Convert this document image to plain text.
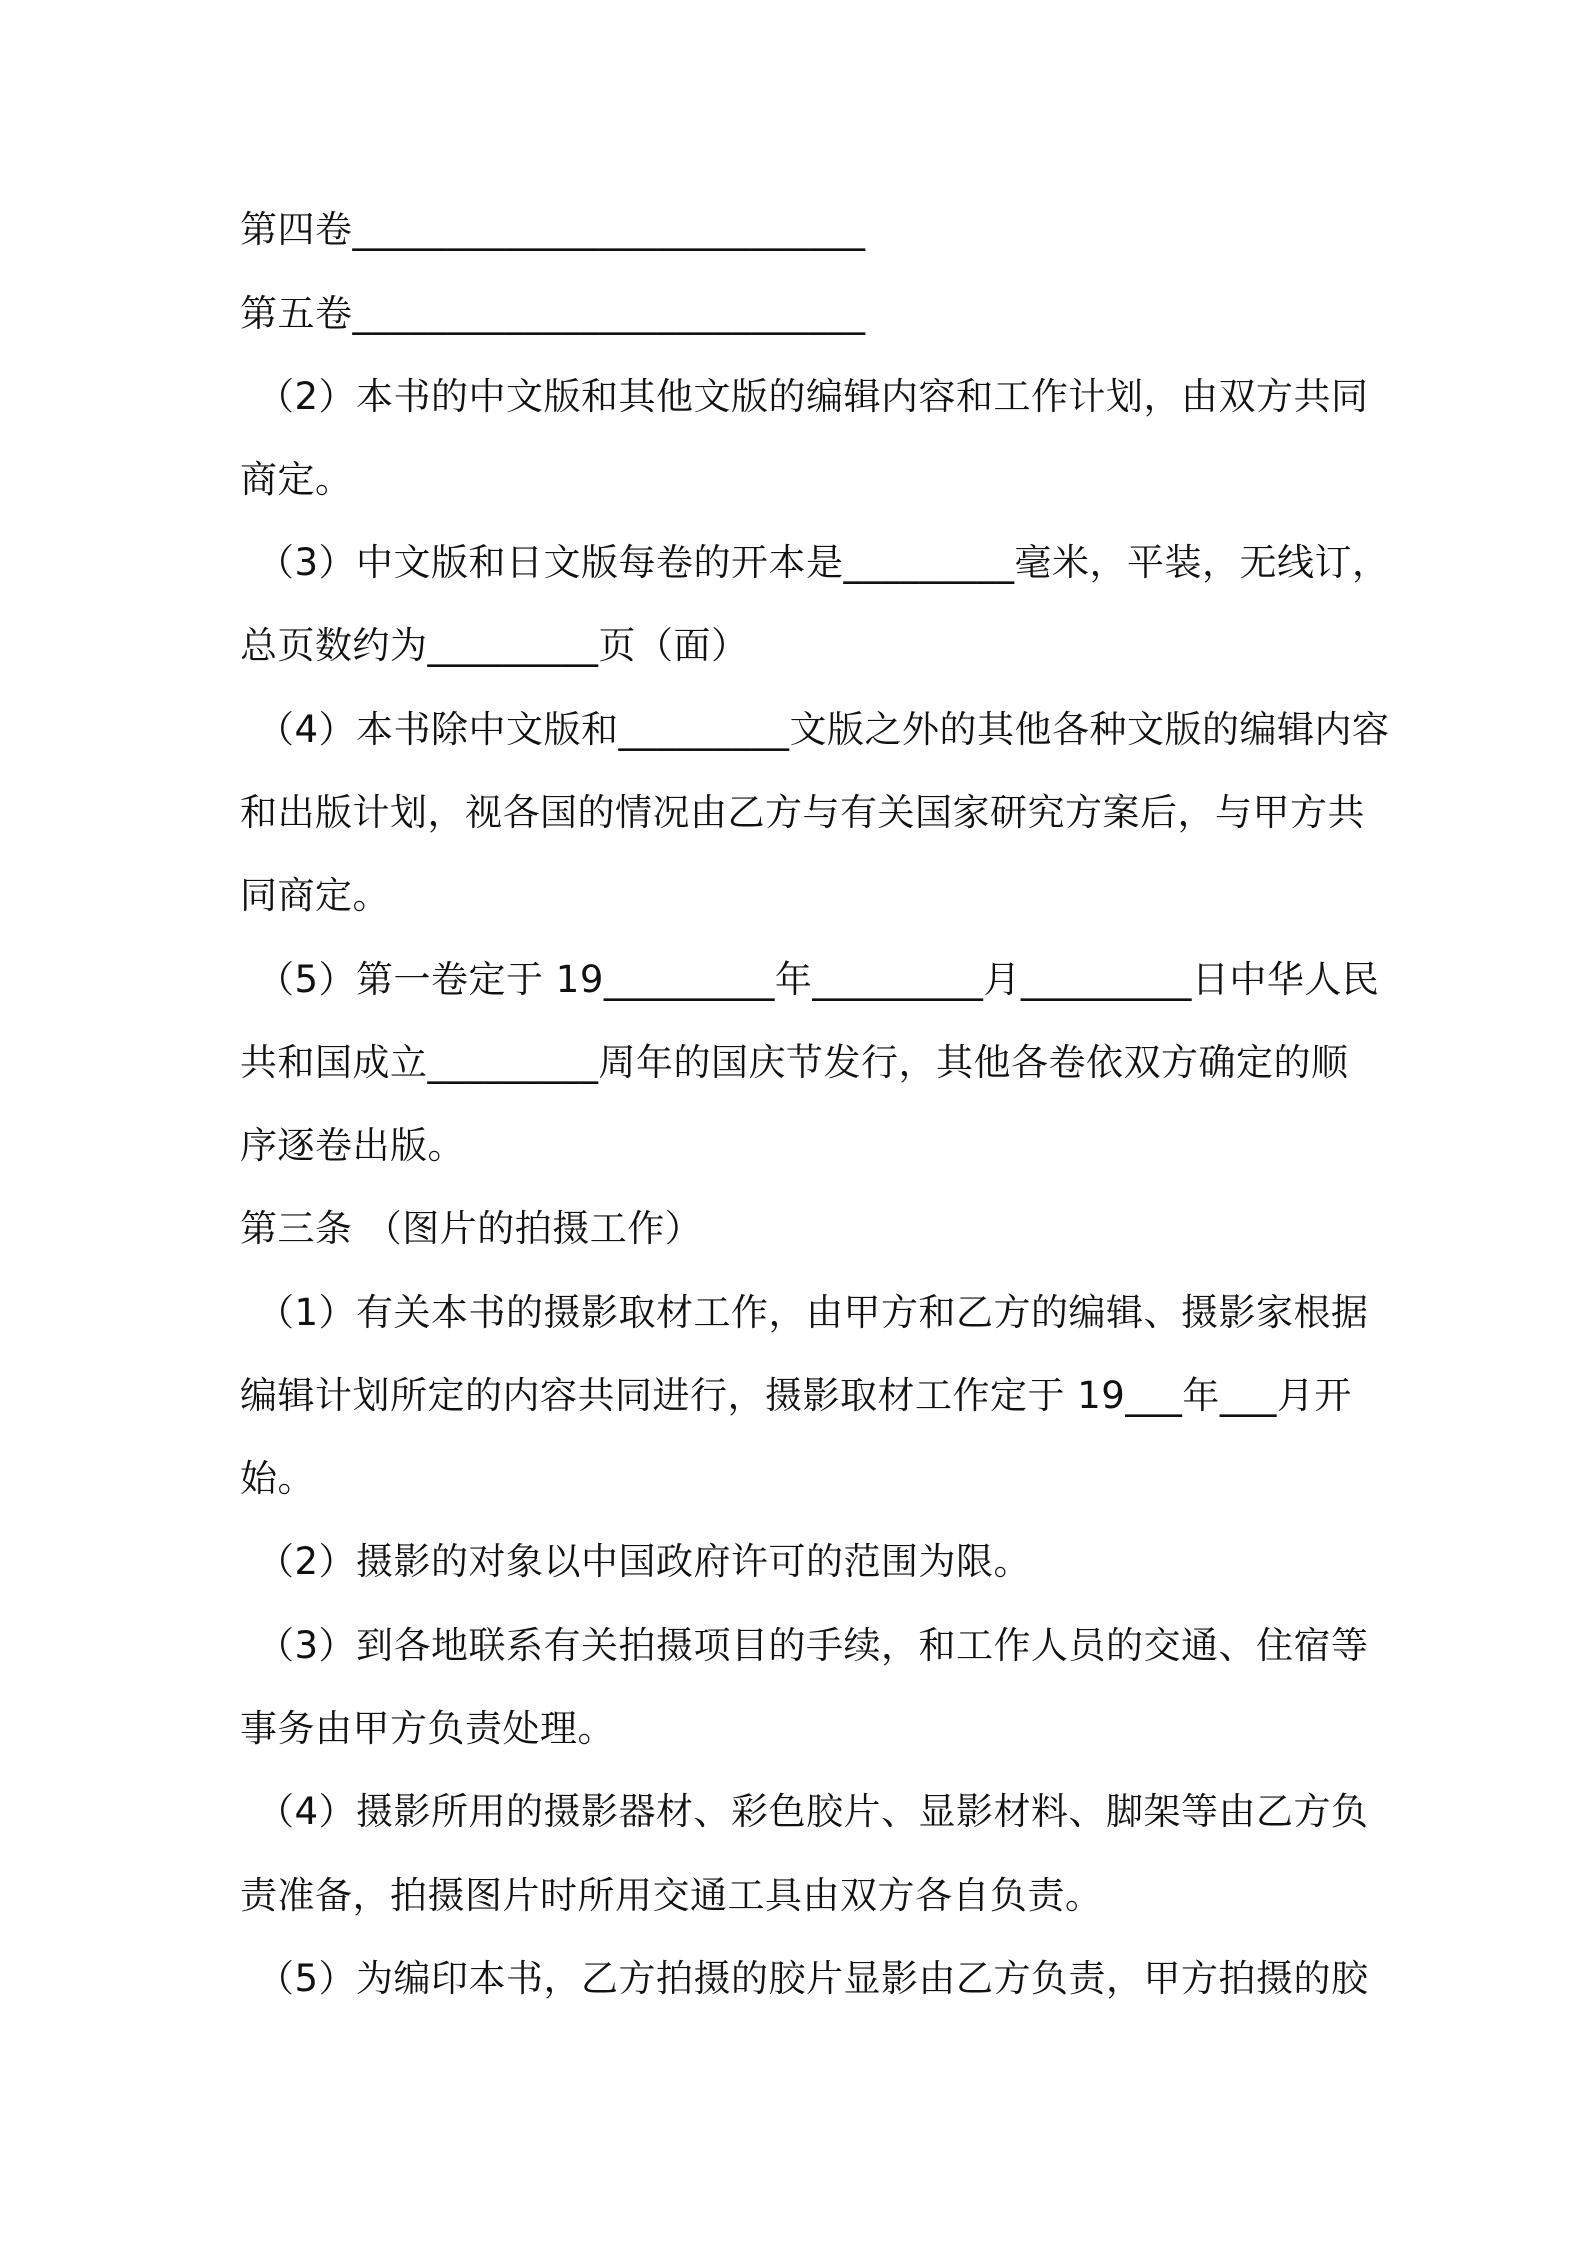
第四卷___________________________
第五卷___________________________
（2）本书的中文版和其他文版的编辑内容和工作计划，由双方共同
商定。
（3）中文版和日文版每卷的开本是_________毫米，平装，无线订，
总页数约为_________页（面）
（4）本书除中文版和_________文版之外的其他各种文版的编辑内容
和出版计划，视各国的情况由乙方与有关国家研究方案后，与甲方共
同商定。
（5）第一卷定于 19_________年_________月_________日中华人民
共和国成立_________周年的国庆节发行，其他各卷依双方确定的顺
序逐卷出版。
第三条 （图片的拍摄工作）
（1）有关本书的摄影取材工作，由甲方和乙方的编辑、摄影家根据
编辑计划所定的内容共同进行，摄影取材工作定于 19___年___月开
始。
（2）摄影的对象以中国政府许可的范围为限。
（3）到各地联系有关拍摄项目的手续，和工作人员的交通、住宿等
事务由甲方负责处理。
（4）摄影所用的摄影器材、彩色胶片、显影材料、脚架等由乙方负
责准备，拍摄图片时所用交通工具由双方各自负责。
（5）为编印本书，乙方拍摄的胶片显影由乙方负责，甲方拍摄的胶
